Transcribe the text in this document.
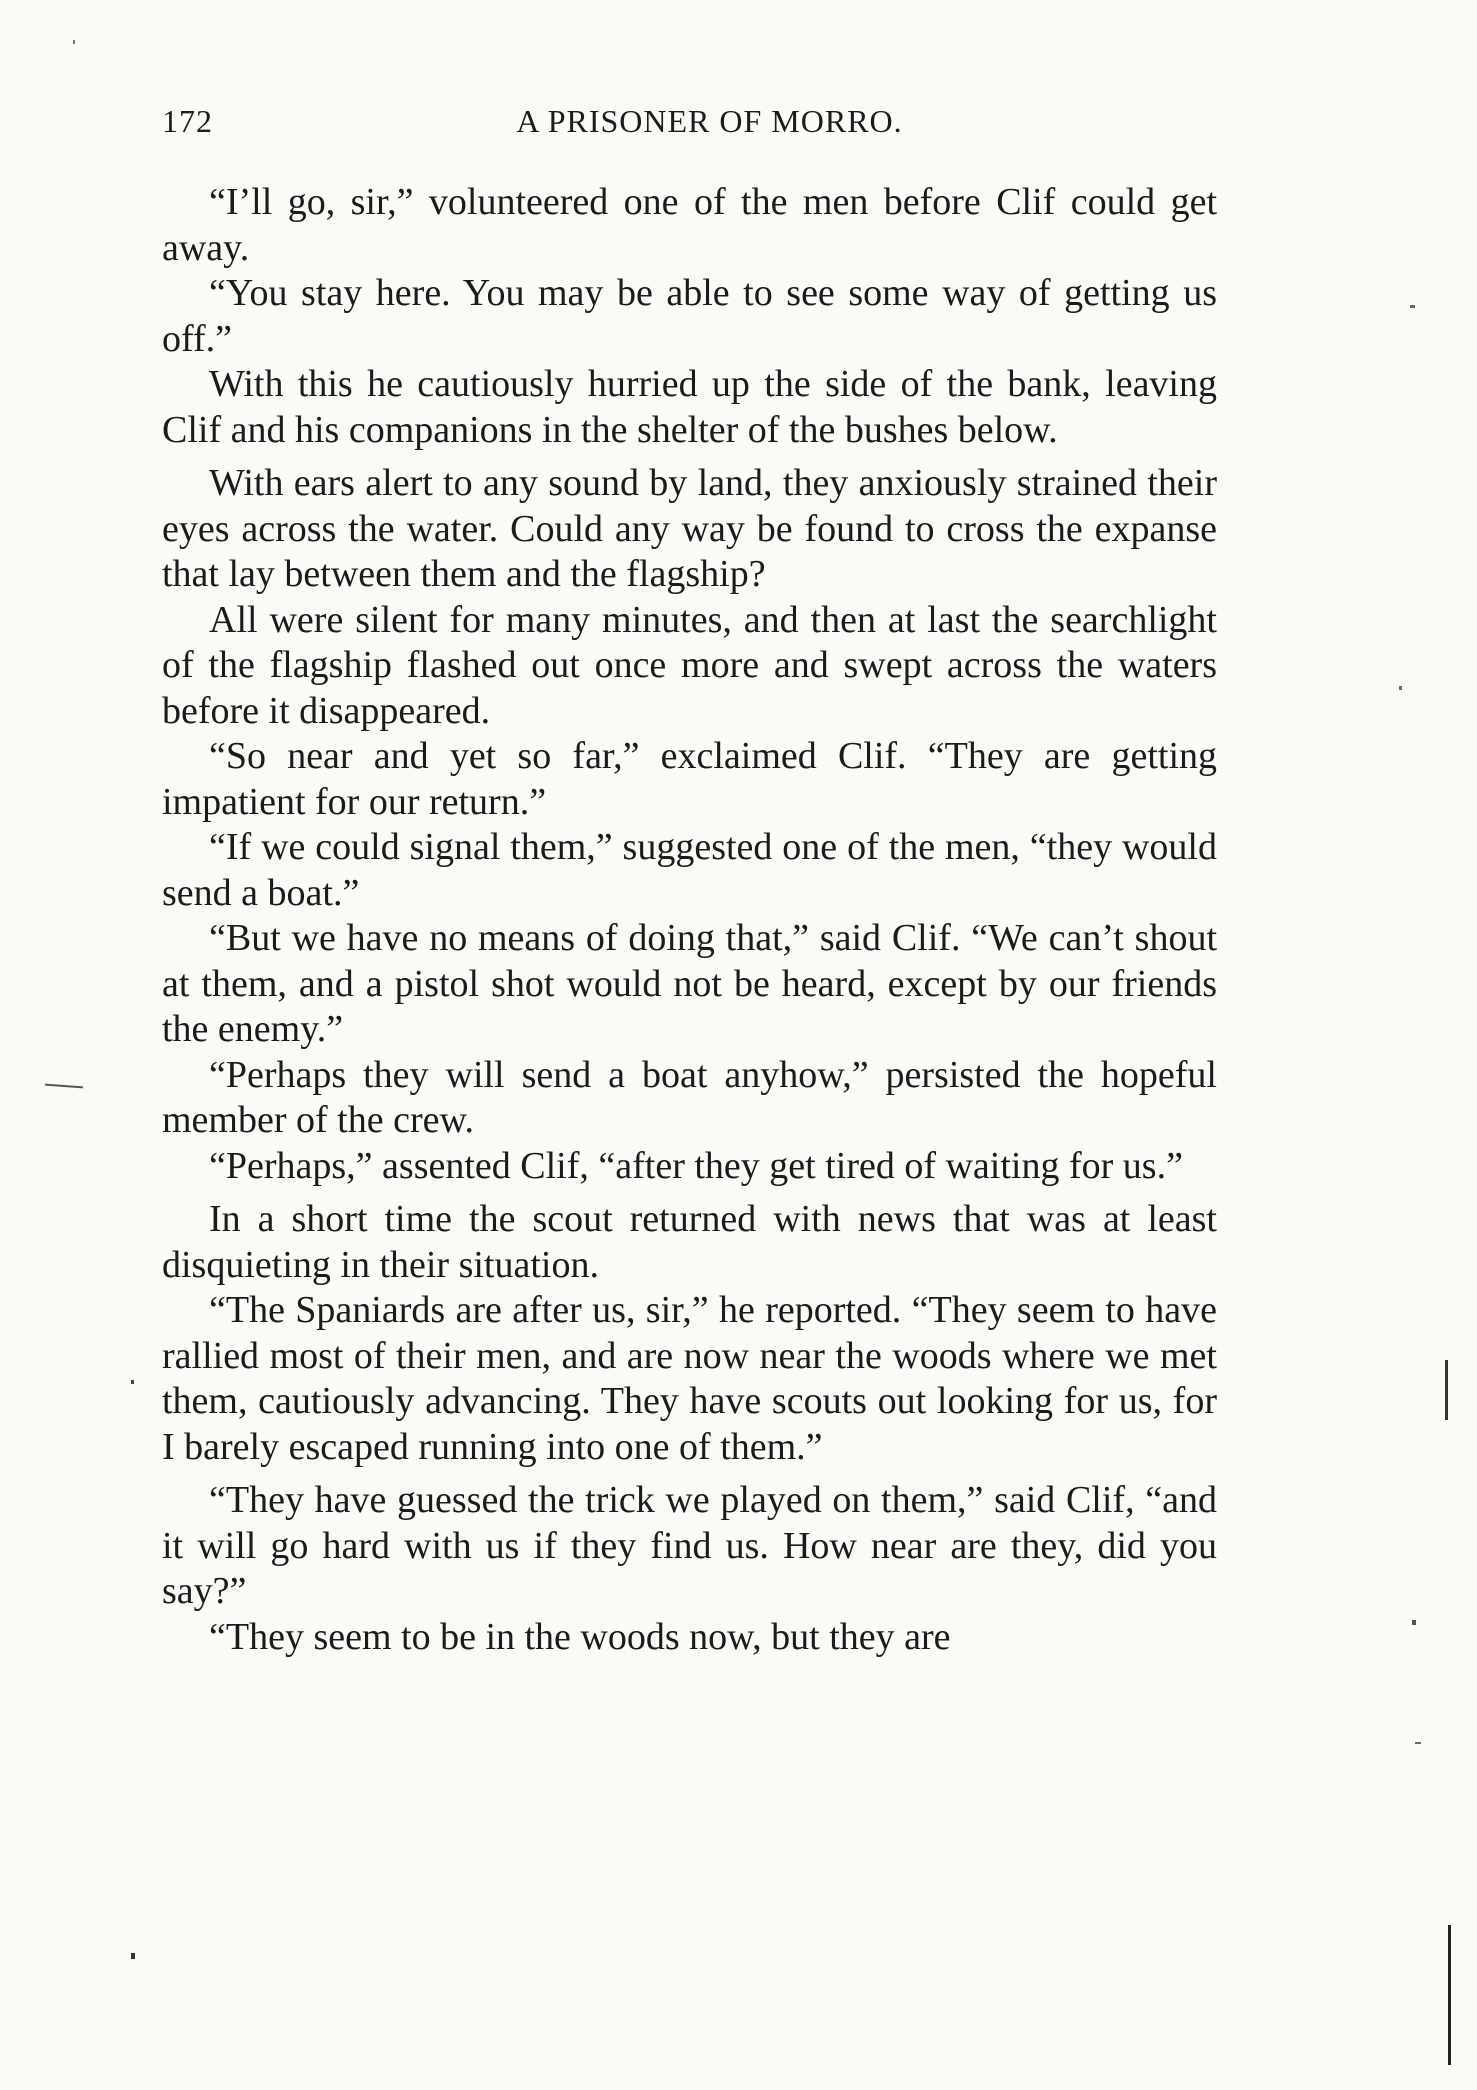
172	A PRISONER OF MORRO.

“I’ll go, sir,” volunteered one of the men before Clif could get away.

“You stay here. You may be able to see some way of getting us off.”

With this he cautiously hurried up the side of the bank, leaving Clif and his companions in the shelter of the bushes below.

With ears alert to any sound by land, they anxiously strained their eyes across the water. Could any way be found to cross the expanse that lay between them and the flagship?

All were silent for many minutes, and then at last the searchlight of the flagship flashed out once more and swept across the waters before it disappeared.

“So near and yet so far,” exclaimed Clif. “They are getting impatient for our return.”

“If we could signal them,” suggested one of the men, “they would send a boat.”

“But we have no means of doing that,” said Clif. “We can’t shout at them, and a pistol shot would not be heard, except by our friends the enemy.”

“Perhaps they will send a boat anyhow,” persisted the hopeful member of the crew.

“Perhaps,” assented Clif, “after they get tired of waiting for us.”

In a short time the scout returned with news that was at least disquieting in their situation.

“The Spaniards are after us, sir,” he reported. “They seem to have rallied most of their men, and are now near the woods where we met them, cautiously advancing. They have scouts out looking for us, for I barely escaped running into one of them.”

“They have guessed the trick we played on them,” said Clif, “and it will go hard with us if they find us. How near are they, did you say?”

“They seem to be in the woods now, but they are
